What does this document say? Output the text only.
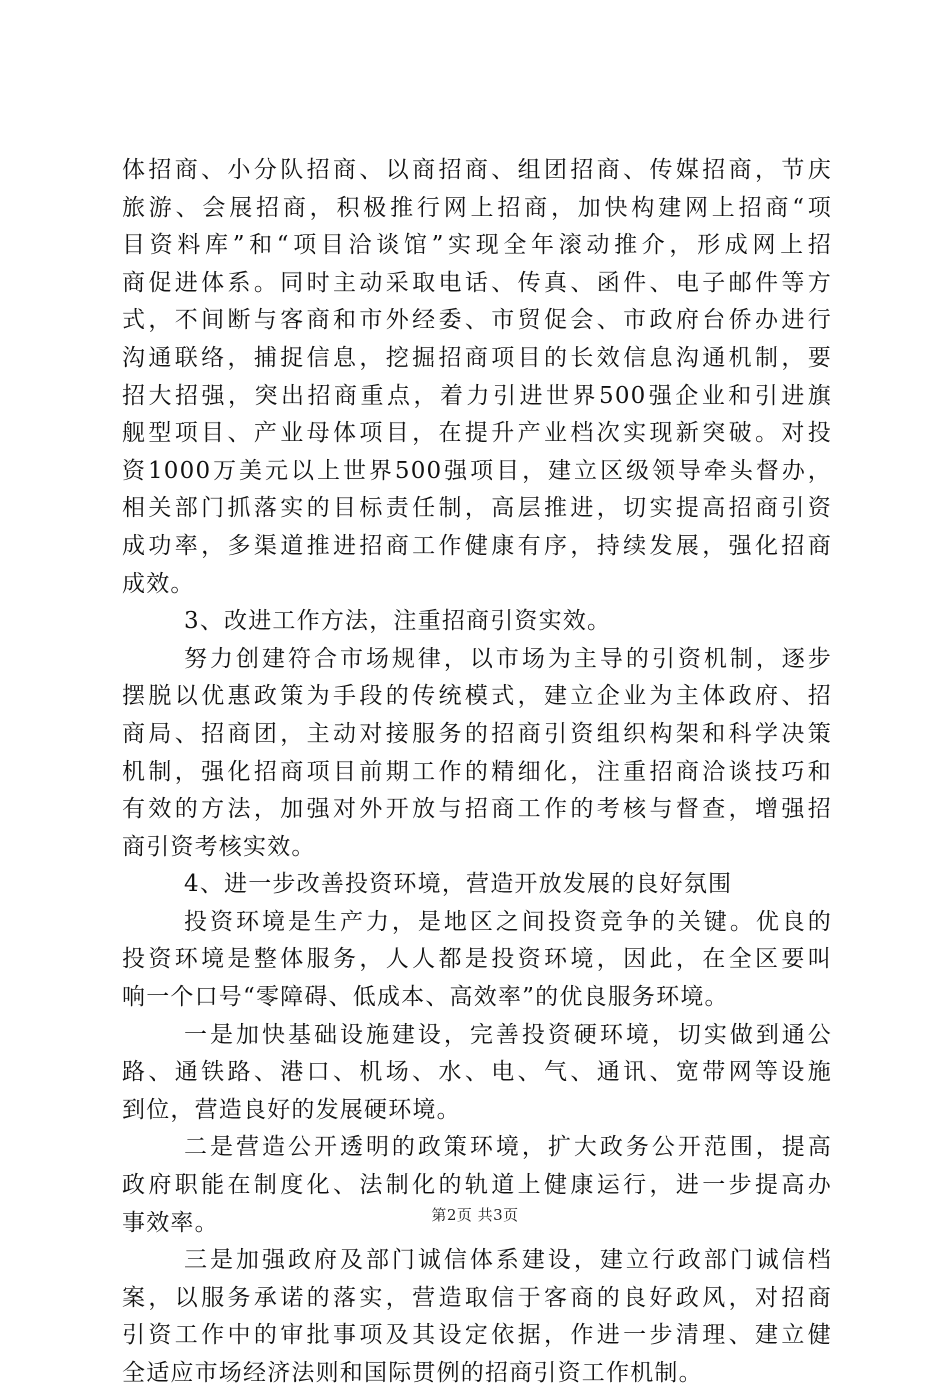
体招商、小分队招商、以商招商、组团招商、传媒招商，节庆
旅游、会展招商，积极推行网上招商，加快构建网上招商“项
目资料库”和“项目洽谈馆”实现全年滚动推介，形成网上招
商促进体系。同时主动采取电话、传真、函件、电子邮件等方
式，不间断与客商和市外经委、市贸促会、市政府台侨办进行
沟通联络，捕捉信息，挖掘招商项目的长效信息沟通机制，要
招大招强，突出招商重点，着力引进世界500强企业和引进旗
舰型项目、产业母体项目，在提升产业档次实现新突破。对投
资1000万美元以上世界500强项目，建立区级领导牵头督办，
相关部门抓落实的目标责任制，高层推进，切实提高招商引资
成功率，多渠道推进招商工作健康有序，持续发展，强化招商
成效。
3、改进工作方法，注重招商引资实效。
努力创建符合市场规律，以市场为主导的引资机制，逐步
摆脱以优惠政策为手段的传统模式，建立企业为主体政府、招
商局、招商团，主动对接服务的招商引资组织构架和科学决策
机制，强化招商项目前期工作的精细化，注重招商洽谈技巧和
有效的方法，加强对外开放与招商工作的考核与督查，增强招
商引资考核实效。
4、进一步改善投资环境，营造开放发展的良好氛围
投资环境是生产力，是地区之间投资竞争的关键。优良的
投资环境是整体服务，人人都是投资环境，因此，在全区要叫
响一个口号“零障碍、低成本、高效率”的优良服务环境。
一是加快基础设施建设，完善投资硬环境，切实做到通公
路、通铁路、港口、机场、水、电、气、通讯、宽带网等设施
到位，营造良好的发展硬环境。
二是营造公开透明的政策环境，扩大政务公开范围，提高
政府职能在制度化、法制化的轨道上健康运行，进一步提高办
事效率。
三是加强政府及部门诚信体系建设，建立行政部门诚信档
案，以服务承诺的落实，营造取信于客商的良好政风，对招商
引资工作中的审批事项及其设定依据，作进一步清理、建立健
全适应市场经济法则和国际贯例的招商引资工作机制。
第2页 共3页
